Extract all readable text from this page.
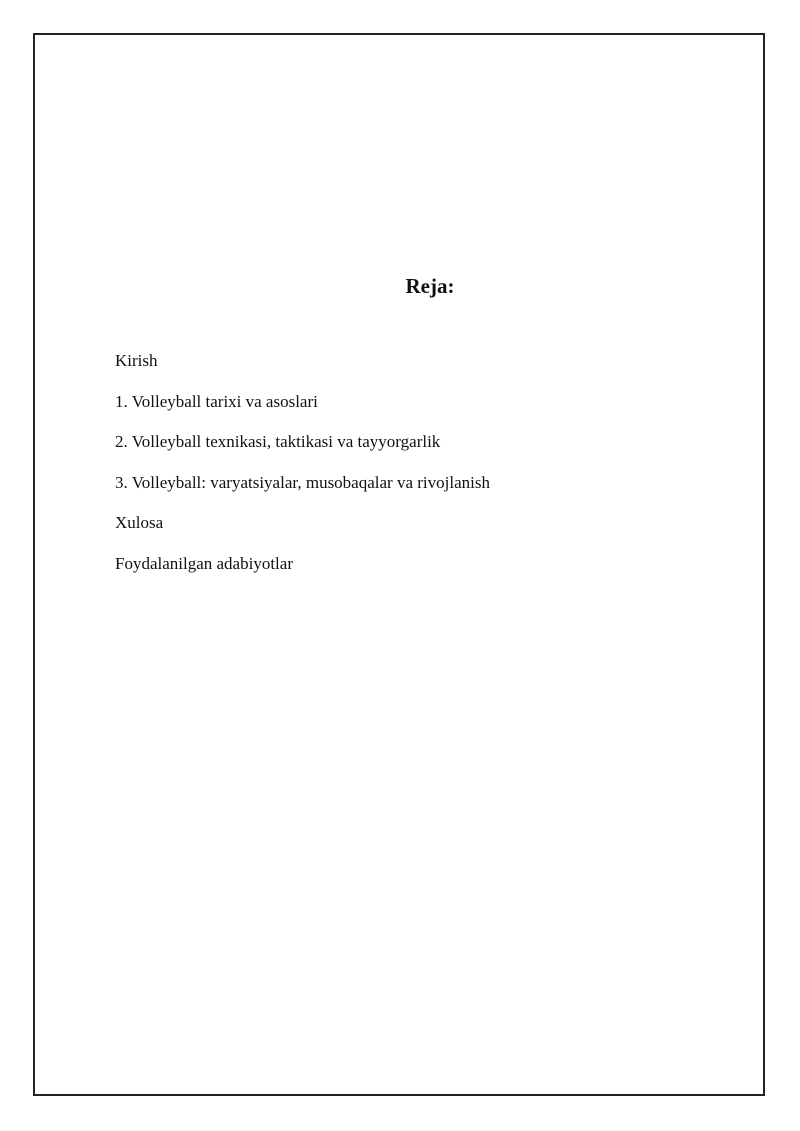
Reja:
Kirish
1. Volleyball tarixi va asoslari
2. Volleyball texnikasi, taktikasi va tayyorgarlik
3. Volleyball: varyatsiyalar, musobaqalar va rivojlanish
Xulosa
Foydalanilgan adabiyotlar
